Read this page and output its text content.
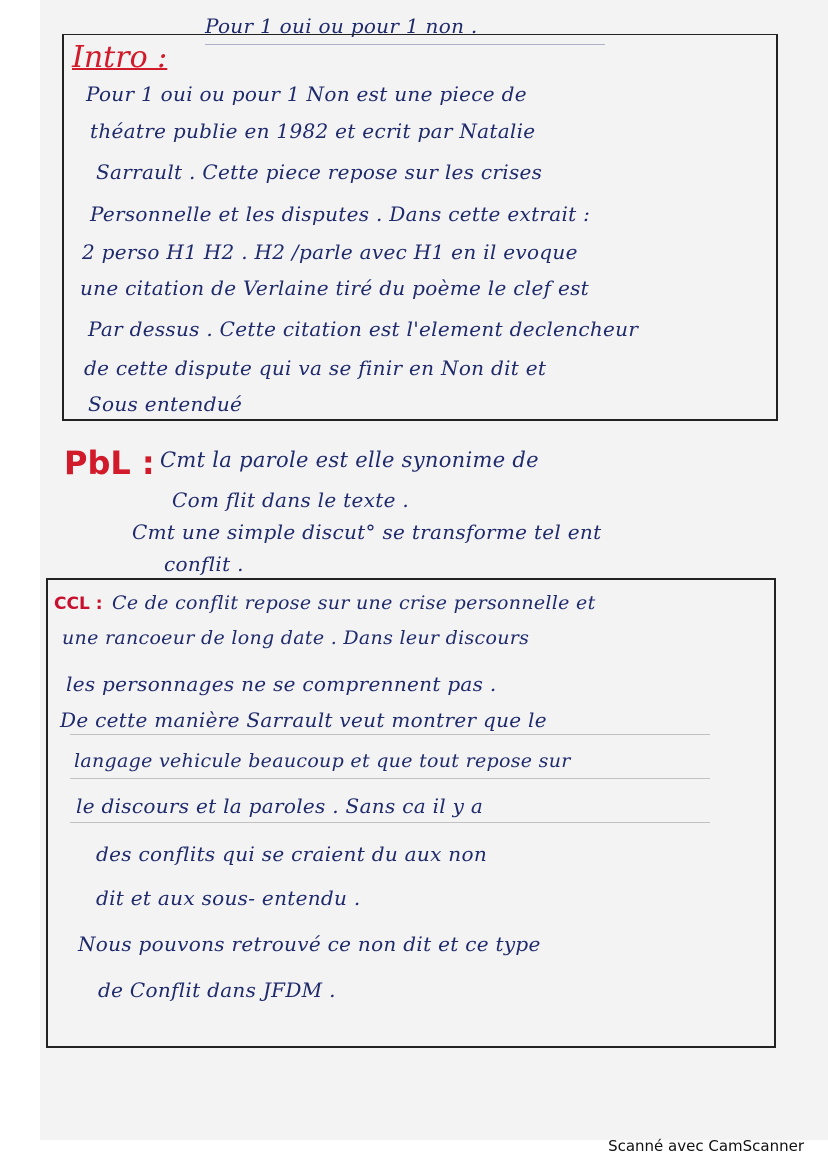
Pour 1 oui ou pour 1 non .
Intro :
Pour 1 oui ou pour 1 Non est une piece de
théatre publie en 1982 et ecrit par Natalie
Sarrault . Cette piece repose sur les crises
Personnelle et les disputes . Dans cette extrait :
2 perso H1 H2 . H2 /parle avec H1 en il evoque
une citation de Verlaine tiré du poème le clef est
Par dessus . Cette citation est l'element declencheur
de cette dispute qui va se finir en Non dit et
Sous entendué
PbL : Cmt la parole est elle synonime de
Com flit dans le texte .
Cmt une simple discut° se transforme tel ent
conflit .
CCL : Ce de conflit repose sur une crise personnelle et
une rancoeur de long date . Dans leur discours
les personnages ne se comprennent pas .
De cette manière Sarrault veut montrer que le
langage vehicule beaucoup et que tout repose sur
le discours et la paroles . Sans ca il y a
des conflits qui se craient du aux non
dit et aux sous- entendu .
Nous pouvons retrouvé ce non dit et ce type
de Conflit dans JFDM .
Scanné avec CamScanner
